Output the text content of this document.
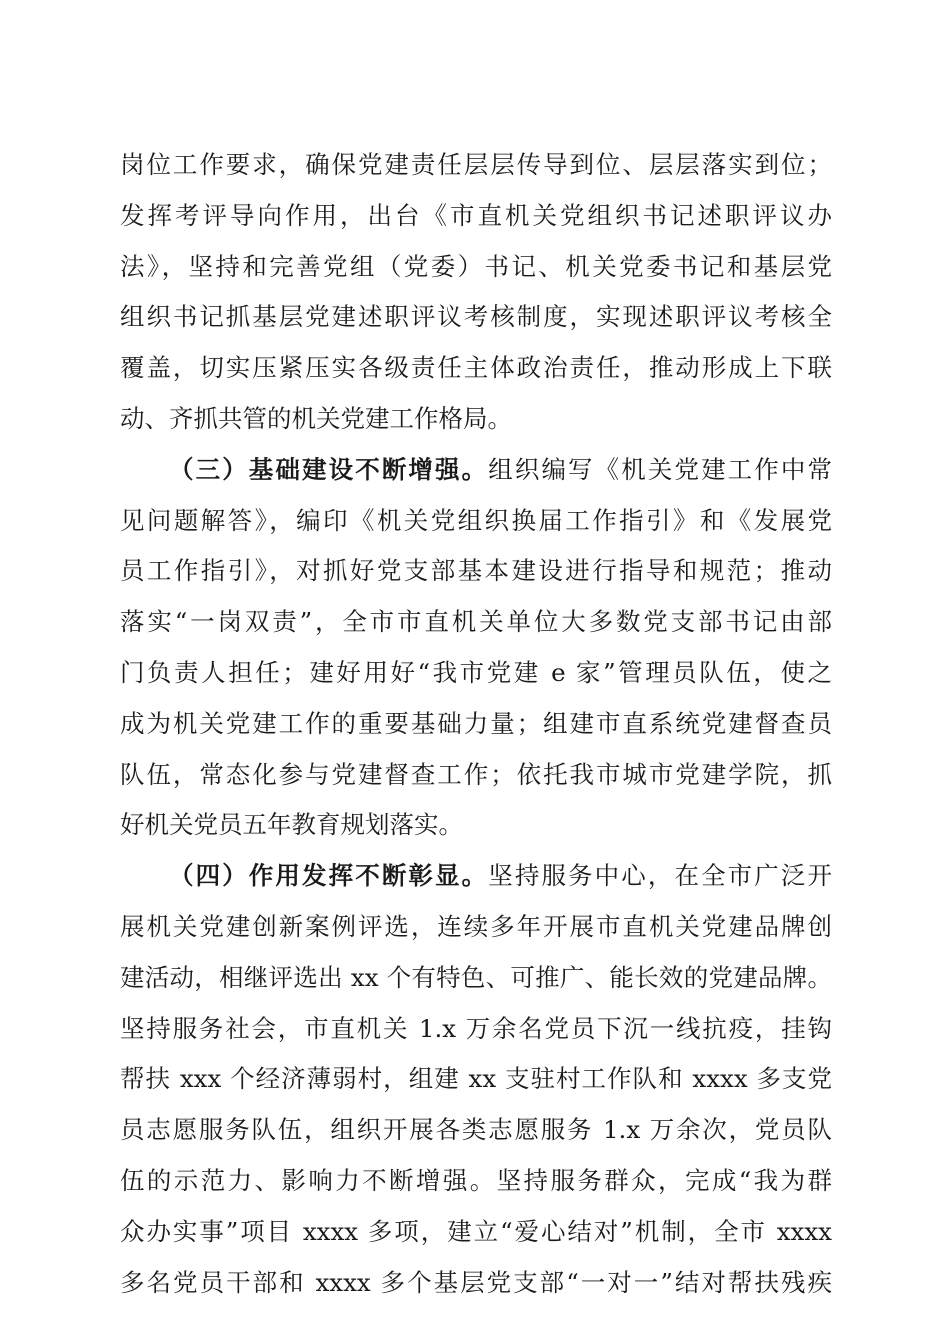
岗位工作要求，确保党建责任层层传导到位、层层落实到位；
发挥考评导向作用，出台《市直机关党组织书记述职评议办
法》，坚持和完善党组（党委）书记、机关党委书记和基层党
组织书记抓基层党建述职评议考核制度，实现述职评议考核全
覆盖，切实压紧压实各级责任主体政治责任，推动形成上下联
动、齐抓共管的机关党建工作格局。
（三）基础建设不断增强。组织编写《机关党建工作中常
见问题解答》，编印《机关党组织换届工作指引》和《发展党
员工作指引》，对抓好党支部基本建设进行指导和规范；推动
落实“一岗双责”，全市市直机关单位大多数党支部书记由部
门负责人担任；建好用好“我市党建 e 家”管理员队伍，使之
成为机关党建工作的重要基础力量；组建市直系统党建督查员
队伍，常态化参与党建督查工作；依托我市城市党建学院，抓
好机关党员五年教育规划落实。
（四）作用发挥不断彰显。坚持服务中心，在全市广泛开
展机关党建创新案例评选，连续多年开展市直机关党建品牌创
建活动，相继评选出 xx 个有特色、可推广、能长效的党建品牌。
坚持服务社会，市直机关 1.x 万余名党员下沉一线抗疫，挂钩
帮扶 xxx 个经济薄弱村，组建 xx 支驻村工作队和 xxxx 多支党
员志愿服务队伍，组织开展各类志愿服务 1.x 万余次，党员队
伍的示范力、影响力不断增强。坚持服务群众，完成“我为群
众办实事”项目 xxxx 多项，建立“爱心结对”机制，全市 xxxx
多名党员干部和 xxxx 多个基层党支部“一对一”结对帮扶残疾
